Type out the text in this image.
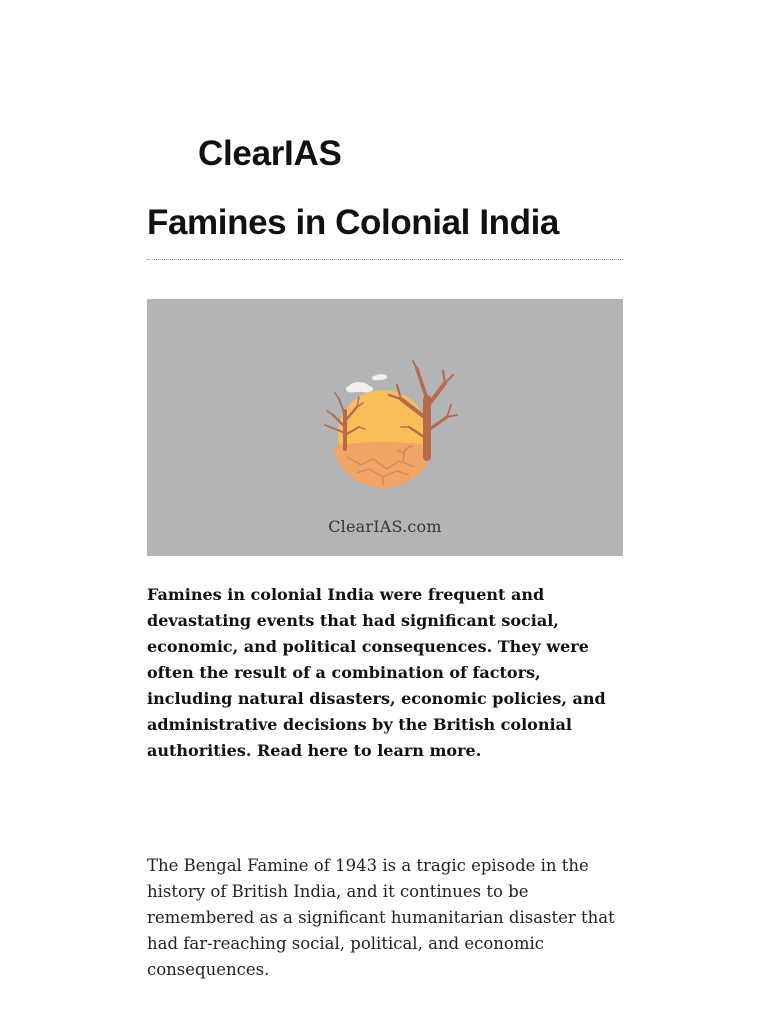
ClearIAS
Famines in Colonial India
ClearIAS.com

Famines in colonial India were frequent and devastating events that had significant social, economic, and political consequences. They were often the result of a combination of factors, including natural disasters, economic policies, and administrative decisions by the British colonial authorities. Read here to learn more.

The Bengal Famine of 1943 is a tragic episode in the history of British India, and it continues to be remembered as a significant humanitarian disaster that had far-reaching social, political, and economic consequences.
